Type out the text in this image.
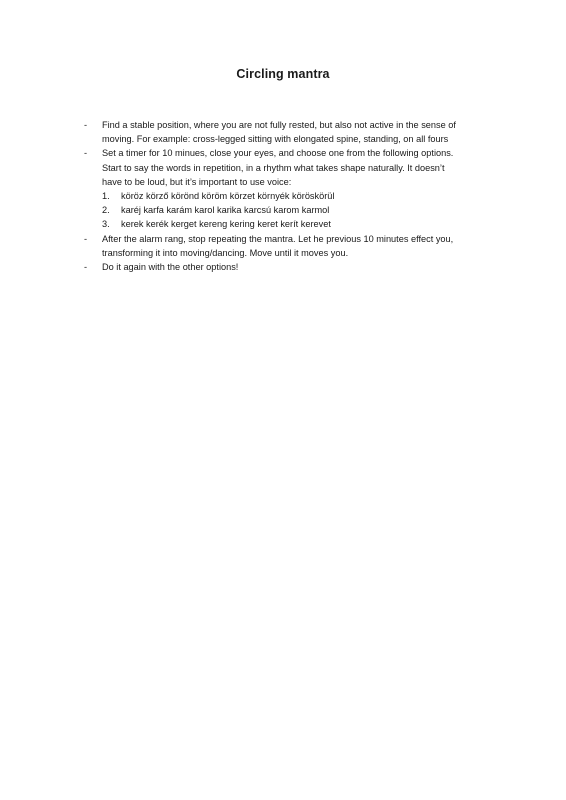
Circling mantra
-	Find a stable position, where you are not fully rested, but also not active in the sense of
moving. For example: cross-legged sitting with elongated spine, standing, on all fours
-	Set a timer for 10 minues, close your eyes, and choose one from the following options.
Start to say the words in repetition, in a rhythm what takes shape naturally. It doesn’t
have to be loud, but it’s important to use voice:
1. köröz körző körönd köröm körzet környék köröskörül
2. karéj karfa karám karol karika karcsú karom karmol
3. kerek kerék kerget kereng kering keret kerít kerevet
-	After the alarm rang, stop repeating the mantra. Let he previous 10 minutes effect you,
transforming it into moving/dancing. Move until it moves you.
-	Do it again with the other options!
